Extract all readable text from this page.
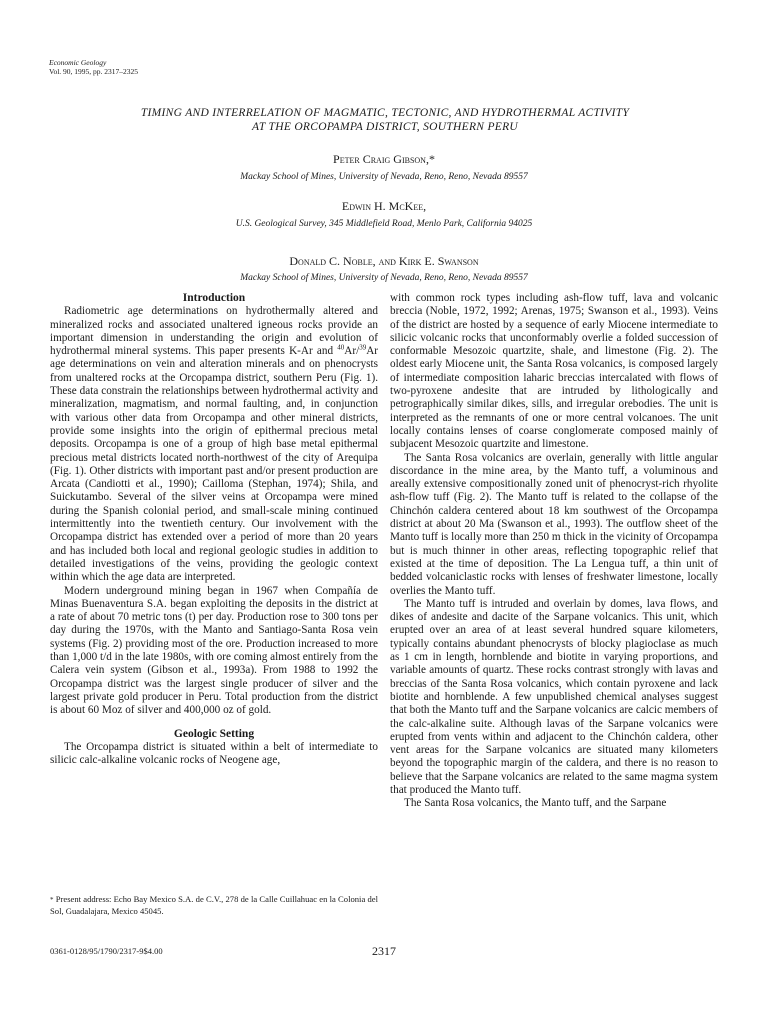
Economic Geology
Vol. 90, 1995, pp. 2317–2325
TIMING AND INTERRELATION OF MAGMATIC, TECTONIC, AND HYDROTHERMAL ACTIVITY
AT THE ORCOPAMPA DISTRICT, SOUTHERN PERU
Peter Craig Gibson,*
Mackay School of Mines, University of Nevada, Reno, Reno, Nevada 89557
Edwin H. McKee,
U.S. Geological Survey, 345 Middlefield Road, Menlo Park, California 94025
Donald C. Noble, and Kirk E. Swanson
Mackay School of Mines, University of Nevada, Reno, Reno, Nevada 89557

Introduction

Radiometric age determinations on hydrothermally altered and mineralized rocks and associated unaltered igneous rocks provide an important dimension in understanding the origin and evolution of hydrothermal mineral systems. This paper presents K-Ar and $^{40}$Ar/$^{39}$Ar age determinations on vein and alteration minerals and on phenocrysts from unaltered rocks at the Orcopampa district, southern Peru (Fig. 1). These data constrain the relationships between hydrothermal activity and mineralization, magmatism, and normal faulting, and, in conjunction with various other data from Orcopampa and other mineral districts, provide some insights into the origin of epithermal precious metal deposits. Orcopampa is one of a group of high base metal epithermal precious metal districts located north-northwest of the city of Arequipa (Fig. 1). Other districts with important past and/or present production are Arcata (Candiotti et al., 1990); Cailloma (Stephan, 1974); Shila, and Suickutambo. Several of the silver veins at Orcopampa were mined during the Spanish colonial period, and small-scale mining continued intermittently into the twentieth century. Our involvement with the Orcopampa district has extended over a period of more than 20 years and has included both local and regional geologic studies in addition to detailed investigations of the veins, providing the geologic context within which the age data are interpreted.

Modern underground mining began in 1967 when Compañía de Minas Buenaventura S.A. began exploiting the deposits in the district at a rate of about 70 metric tons (t) per day. Production rose to 300 tons per day during the 1970s, with the Manto and Santiago-Santa Rosa vein systems (Fig. 2) providing most of the ore. Production increased to more than 1,000 t/d in the late 1980s, with ore coming almost entirely from the Calera vein system (Gibson et al., 1993a). From 1988 to 1992 the Orcopampa district was the largest single producer of silver and the largest private gold producer in Peru. Total production from the district is about 60 Moz of silver and 400,000 oz of gold.

Geologic Setting

The Orcopampa district is situated within a belt of intermediate to silicic calc-alkaline volcanic rocks of Neogene age,

with common rock types including ash-flow tuff, lava and volcanic breccia (Noble, 1972, 1992; Arenas, 1975; Swanson et al., 1993). Veins of the district are hosted by a sequence of early Miocene intermediate to silicic volcanic rocks that unconformably overlie a folded succession of conformable Mesozoic quartzite, shale, and limestone (Fig. 2). The oldest early Miocene unit, the Santa Rosa volcanics, is composed largely of intermediate composition laharic breccias intercalated with flows of two-pyroxene andesite that are intruded by lithologically and petrographically similar dikes, sills, and irregular orebodies. The unit is interpreted as the remnants of one or more central volcanoes. The unit locally contains lenses of coarse conglomerate composed mainly of subjacent Mesozoic quartzite and limestone.

The Santa Rosa volcanics are overlain, generally with little angular discordance in the mine area, by the Manto tuff, a voluminous and areally extensive compositionally zoned unit of phenocryst-rich rhyolite ash-flow tuff (Fig. 2). The Manto tuff is related to the collapse of the Chinchón caldera centered about 18 km southwest of the Orcopampa district at about 20 Ma (Swanson et al., 1993). The outflow sheet of the Manto tuff is locally more than 250 m thick in the vicinity of Orcopampa but is much thinner in other areas, reflecting topographic relief that existed at the time of deposition. The La Lengua tuff, a thin unit of bedded volcaniclastic rocks with lenses of freshwater limestone, locally overlies the Manto tuff.

The Manto tuff is intruded and overlain by domes, lava flows, and dikes of andesite and dacite of the Sarpane volcanics. This unit, which erupted over an area of at least several hundred square kilometers, typically contains abundant phenocrysts of blocky plagioclase as much as 1 cm in length, hornblende and biotite in varying proportions, and variable amounts of quartz. These rocks contrast strongly with lavas and breccias of the Santa Rosa volcanics, which contain pyroxene and lack biotite and hornblende. A few unpublished chemical analyses suggest that both the Manto tuff and the Sarpane volcanics are calcic members of the calc-alkaline suite. Although lavas of the Sarpane volcanics were erupted from vents within and adjacent to the Chinchón caldera, other vent areas for the Sarpane volcanics are situated many kilometers beyond the topographic margin of the caldera, and there is no reason to believe that the Sarpane volcanics are related to the same magma system that produced the Manto tuff.

The Santa Rosa volcanics, the Manto tuff, and the Sarpane

* Present address: Echo Bay Mexico S.A. de C.V., 278 de la Calle Cuillahuac en la Colonia del Sol, Guadalajara, Mexico 45045.
0361-0128/95/1790/2317-9$4.00	2317
